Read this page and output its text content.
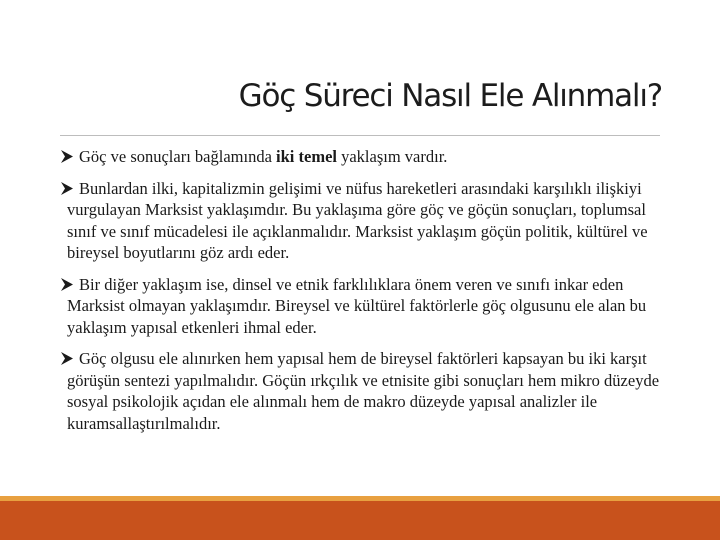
Göç Süreci Nasıl Ele Alınmalı?
Göç ve sonuçları bağlamında iki temel yaklaşım vardır.
Bunlardan ilki, kapitalizmin gelişimi ve nüfus hareketleri arasındaki karşılıklı ilişkiyi vurgulayan Marksist yaklaşımdır. Bu yaklaşıma göre göç ve göçün sonuçları, toplumsal sınıf ve sınıf mücadelesi ile açıklanmalıdır. Marksist yaklaşım göçün politik, kültürel ve bireysel boyutlarını göz ardı eder.
Bir diğer yaklaşım ise, dinsel ve etnik farklılıklara önem veren ve sınıfı inkar eden Marksist olmayan yaklaşımdır. Bireysel ve kültürel faktörlerle göç olgusunu ele alan bu yaklaşım yapısal etkenleri ihmal eder.
Göç olgusu ele alınırken hem yapısal hem de bireysel faktörleri kapsayan bu iki karşıt görüşün sentezi yapılmalıdır. Göçün ırkçılık ve etnisite gibi sonuçları hem mikro düzeyde sosyal psikolojik açıdan ele alınmalı hem de makro düzeyde yapısal analizler ile kuramsallaştırılmalıdır.
